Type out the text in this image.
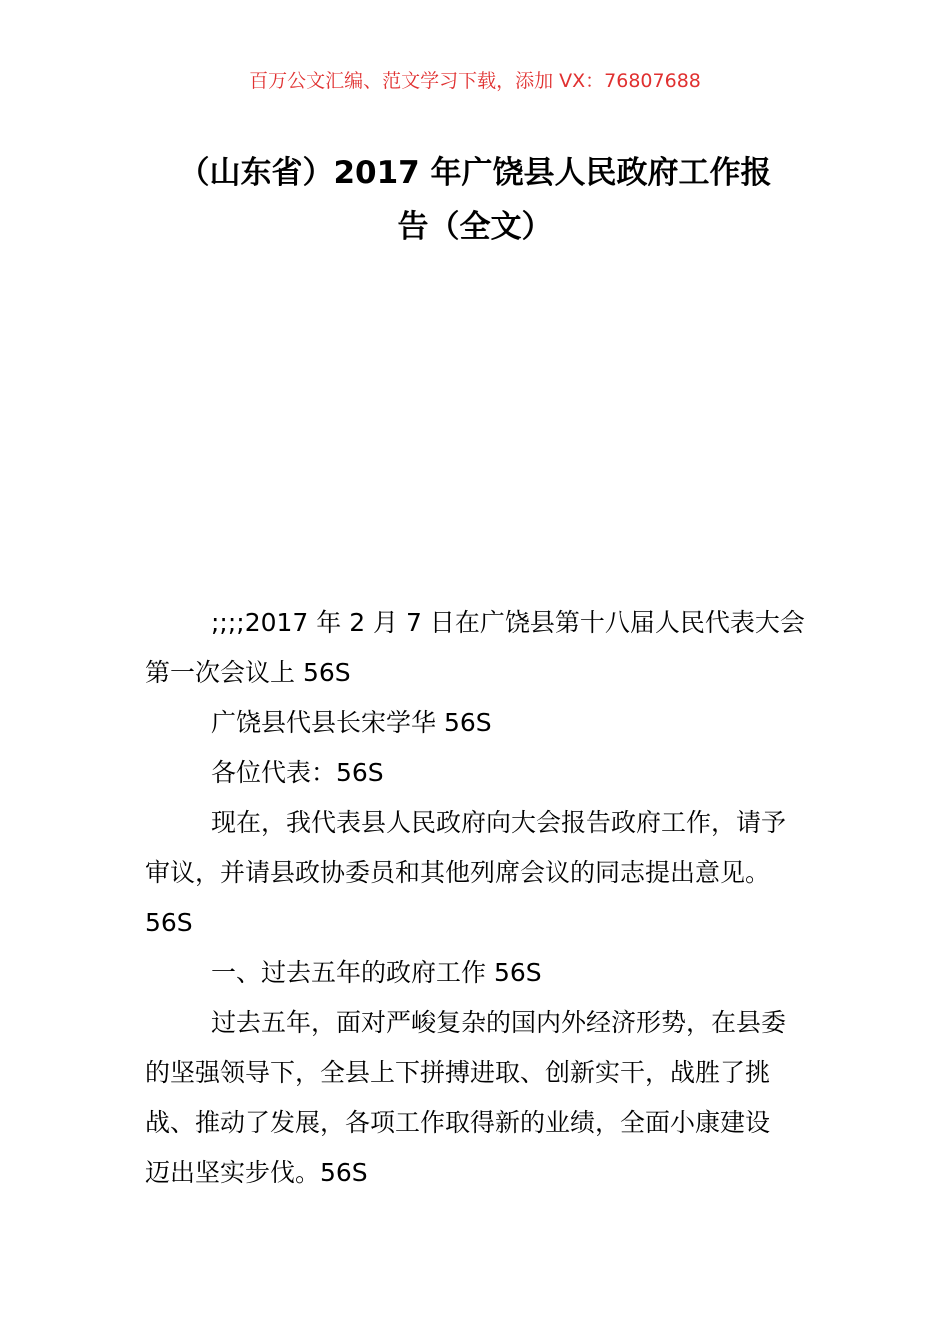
百万公文汇编、范文学习下载，添加 VX：76807688
（山东省）2017 年广饶县人民政府工作报
告（全文）

;;;;2017 年 2 月 7 日在广饶县第十八届人民代表大会
第一次会议上 56S

广饶县代县长宋学华 56S

各位代表：56S

现在，我代表县人民政府向大会报告政府工作，请予
审议，并请县政协委员和其他列席会议的同志提出意见。
56S

一、过去五年的政府工作 56S

过去五年，面对严峻复杂的国内外经济形势，在县委
的坚强领导下，全县上下拼搏进取、创新实干，战胜了挑
战、推动了发展，各项工作取得新的业绩，全面小康建设
迈出坚实步伐。56S
